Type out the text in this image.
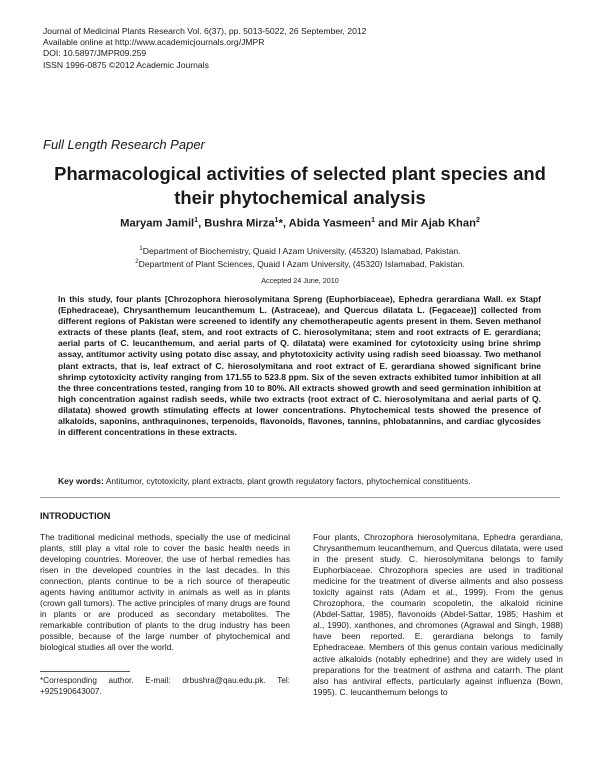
Journal of Medicinal Plants Research Vol. 6(37), pp. 5013-5022, 26 September, 2012
Available online at http://www.academicjournals.org/JMPR
DOI: 10.5897/JMPR09.259
ISSN 1996-0875 ©2012 Academic Journals
Full Length Research Paper
Pharmacological activities of selected plant species and their phytochemical analysis
Maryam Jamil$^1$, Bushra Mirza$^1$*, Abida Yasmeen$^1$ and Mir Ajab Khan$^2$
$^1$Department of Biochemistry, Quaid I Azam University, (45320) Islamabad, Pakistan.
$^2$Department of Plant Sciences, Quaid I Azam University, (45320) Islamabad, Pakistan.
Accepted 24 June, 2010
In this study, four plants [Chrozophora hierosolymitana Spreng (Euphorbiaceae), Ephedra gerardiana Wall. ex Stapf (Ephedraceae), Chrysanthemum leucanthemum L. (Astraceae), and Quercus dilatata L. (Fegaceae)] collected from different regions of Pakistan were screened to identify any chemotherapeutic agents present in them. Seven methanol extracts of these plants (leaf, stem, and root extracts of C. hierosolymitana; stem and root extracts of E. gerardiana; aerial parts of C. leucanthemum, and aerial parts of Q. dilatata) were examined for cytotoxicity using brine shrimp assay, antitumor activity using potato disc assay, and phytotoxicity activity using radish seed bioassay. Two methanol plant extracts, that is, leaf extract of C. hierosolymitana and root extract of E. gerardiana showed significant brine shrimp cytotoxicity activity ranging from 171.55 to 523.8 ppm. Six of the seven extracts exhibited tumor inhibition at all the three concentrations tested, ranging from 10 to 80%. All extracts showed growth and seed germination inhibition at high concentration against radish seeds, while two extracts (root extract of C. hierosolymitana and aerial parts of Q. dilatata) showed growth stimulating effects at lower concentrations. Phytochemical tests showed the presence of alkaloids, saponins, anthraquinones, terpenoids, flavonoids, flavones, tannins, phlobatannins, and cardiac glycosides in different concentrations in these extracts.
Key words: Antitumor, cytotoxicity, plant extracts, plant growth regulatory factors, phytochemical constituents.
INTRODUCTION
The traditional medicinal methods, specially the use of medicinal plants, still play a vital role to cover the basic health needs in developing countries. Moreover, the use of herbal remedies has risen in the developed countries in the last decades. In this connection, plants continue to be a rich source of therapeutic agents having antitumor activity in animals as well as in plants (crown gall tumors). The active principles of many drugs are found in plants or are produced as secondary metabolites. The remarkable contribution of plants to the drug industry has been possible, because of the large number of phytochemical and biological studies all over the world.
Four plants, Chrozophora hierosolymitana, Ephedra gerardiana, Chrysanthemum leucanthemum, and Quercus dilatata, were used in the present study. C. hierosolymitana belongs to family Euphorbiaceae. Chrozophora species are used in traditional medicine for the treatment of diverse ailments and also possess toxicity against rats (Adam et al., 1999). From the genus Chrozophora, the coumarin scopoletin, the alkaloid ricinine (Abdel-Sattar, 1985), flavonoids (Abdel-Sattar, 1985; Hashim et al., 1990), xanthones, and chromones (Agrawal and Singh, 1988) have been reported. E. gerardiana belongs to family Ephedraceae. Members of this genus contain various medicinally active alkaloids (notably ephedrine) and they are widely used in preparations for the treatment of asthma and catarrh. The plant also has antiviral effects, particularly against influenza (Bown, 1995). C. leucanthemum belongs to
*Corresponding author. E-mail: drbushra@qau.edu.pk. Tel: +925190643007.
